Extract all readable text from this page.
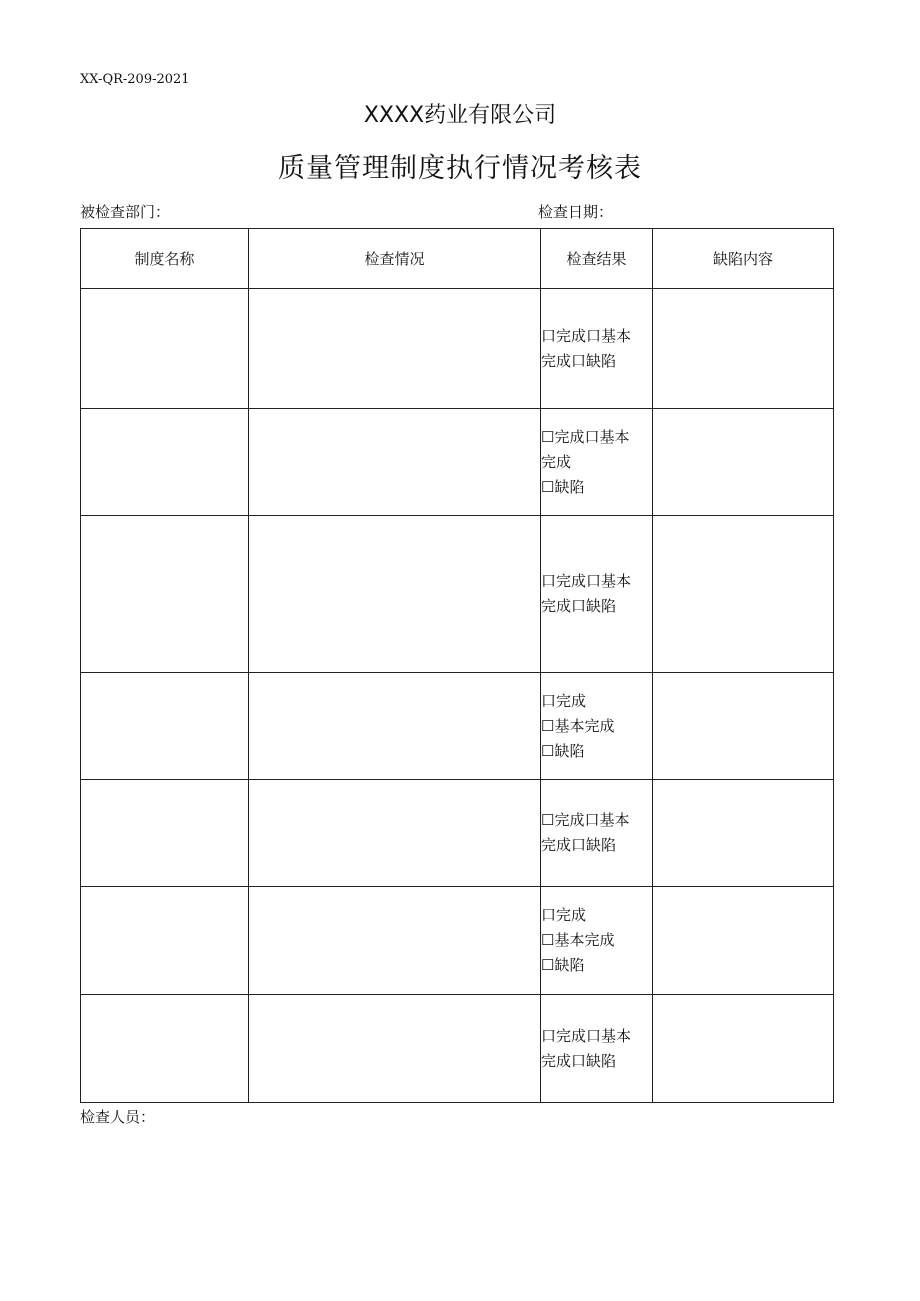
XX-QR-209-2021
XXXX药业有限公司
质量管理制度执行情况考核表
被检查部门：	检查日期：
制度名称	检查情况	检查结果	缺陷内容

		口完成口基本
完成口缺陷	

		☐完成口基本
完成
☐缺陷	

		口完成口基本
完成口缺陷	

		口完成
☐基本完成
☐缺陷	

		☐完成口基本
完成口缺陷	

		口完成
☐基本完成
☐缺陷	

		口完成口基本
完成口缺陷	

检查人员：
